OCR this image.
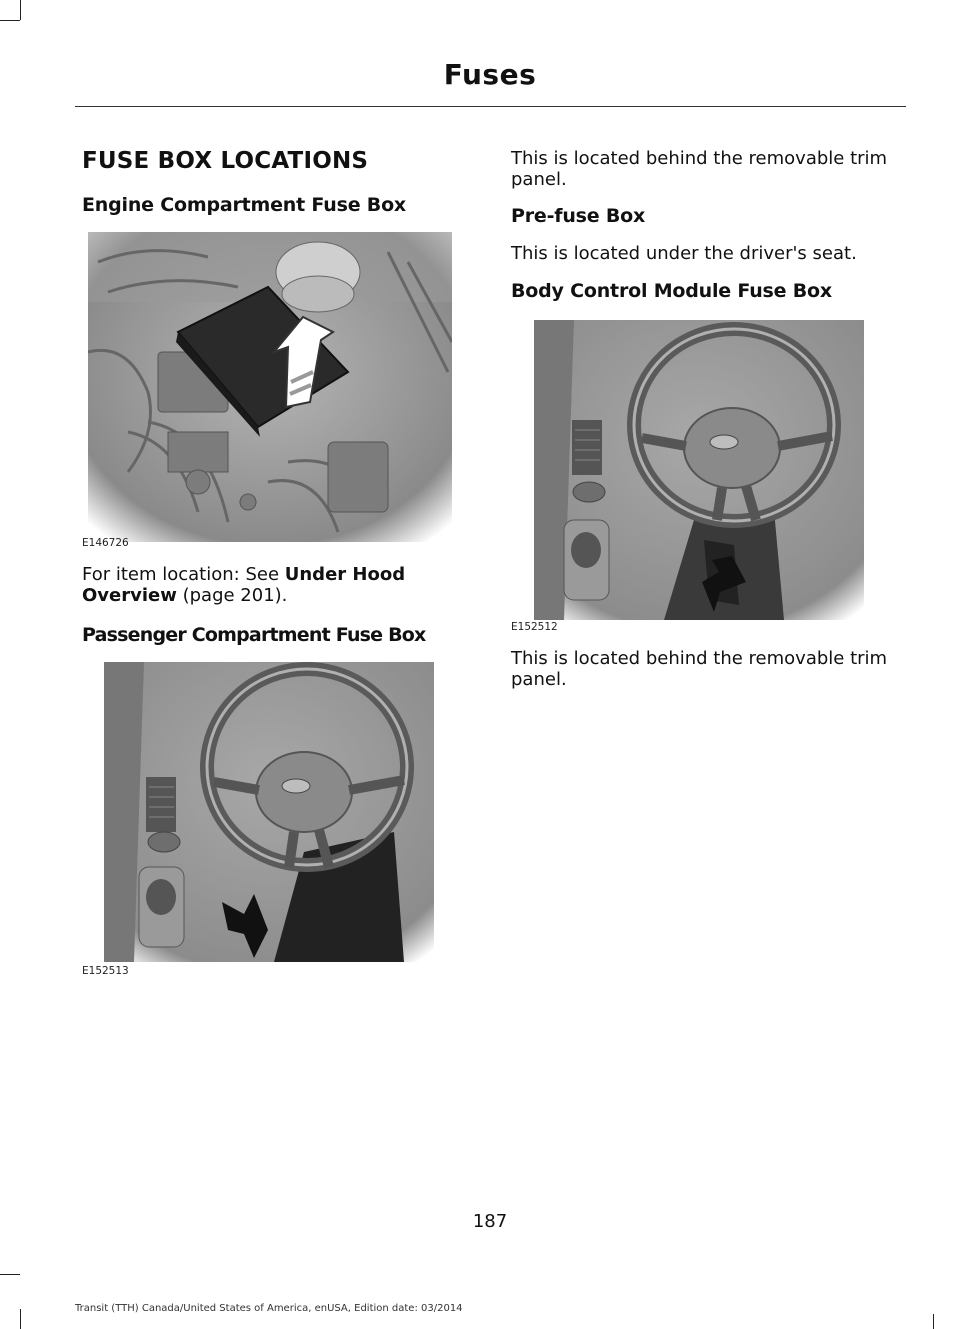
Fuses
FUSE BOX LOCATIONS
Engine Compartment Fuse Box
E146726
For item location: See Under Hood Overview (page 201).
Passenger Compartment Fuse Box
E152513
This is located behind the removable trim panel.
Pre-fuse Box
This is located under the driver's seat.
Body Control Module Fuse Box
E152512
This is located behind the removable trim panel.
187
Transit (TTH) Canada/United States of America, enUSA, Edition date: 03/2014
